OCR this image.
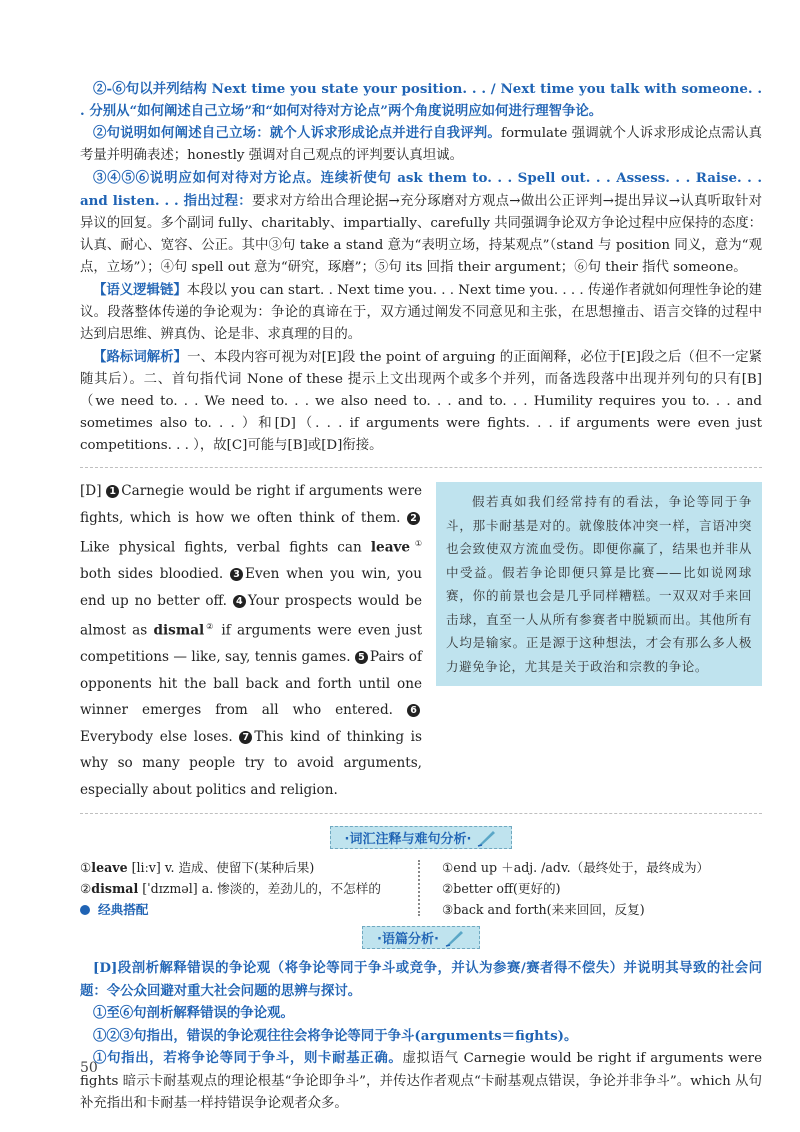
②-⑥句以并列结构 Next time you state your position. . . / Next time you talk with someone. . . 分别从“如何阐述自己立场”和“如何对待对方论点”两个角度说明应如何进行理智争论。

②句说明如何阐述自己立场：就个人诉求形成论点并进行自我评判。formulate 强调就个人诉求形成论点需认真考量并明确表述；honestly 强调对自己观点的评判要认真坦诚。

③④⑤⑥说明应如何对待对方论点。连续祈使句 ask them to. . . Spell out. . . Assess. . . Raise. . . and listen. . . 指出过程：要求对方给出合理论据→充分琢磨对方观点→做出公正评判→提出异议→认真听取针对异议的回复。多个副词 fully、charitably、impartially、carefully 共同强调争论双方争论过程中应保持的态度：认真、耐心、宽容、公正。其中③句 take a stand 意为“表明立场，持某观点”（stand 与 position 同义，意为“观点，立场”）；④句 spell out 意为“研究，琢磨”；⑤句 its 回指 their argument；⑥句 their 指代 someone。

【语义逻辑链】本段以 you can start. . Next time you. . . Next time you. . . . 传递作者就如何理性争论的建议。段落整体传递的争论观为：争论的真谛在于，双方通过阐发不同意见和主张，在思想撞击、语言交锋的过程中达到启思维、辨真伪、论是非、求真理的目的。

【路标词解析】一、本段内容可视为对[E]段 the point of arguing 的正面阐释，必位于[E]段之后（但不一定紧随其后）。二、首句指代词 None of these 提示上文出现两个或多个并列，而备选段落中出现并列句的只有[B]（we need to. . . We need to. . . we also need to. . . and to. . . Humility requires you to. . . and sometimes also to. . . ）和[D]（. . . if arguments were fights. . . if arguments were even just competitions. . . ），故[C]可能与[B]或[D]衔接。

[D] 1 Carnegie would be right if arguments were fights, which is how we often think of them. 2Like physical fights, verbal fights can leave① both sides bloodied. 3 Even when you win, you end up no better off. 4 Your prospects would be almost as dismal② if arguments were even just competitions — like, say, tennis games. 5 Pairs of opponents hit the ball back and forth until one winner emerges from all who entered. 6Everybody else loses. 7 This kind of thinking is why so many people try to avoid arguments, especially about politics and religion.

假若真如我们经常持有的看法，争论等同于争斗，那卡耐基是对的。就像肢体冲突一样，言语冲突也会致使双方流血受伤。即便你赢了，结果也并非从中受益。假若争论即便只算是比赛——比如说网球赛，你的前景也会是几乎同样糟糕。一双双对手来回击球，直至一人从所有参赛者中脱颖而出。其他所有人均是输家。正是源于这种想法，才会有那么多人极力避免争论，尤其是关于政治和宗教的争论。

·词汇注释与难句分析·

①leave [liːv] v. 造成、使留下(某种后果)

②dismal [ˈdɪzməl] a. 惨淡的，差劲儿的，不怎样的

经典搭配

①end up ＋adj. /adv.（最终处于，最终成为）

②better off(更好的)

③back and forth(来来回回，反复)

·语篇分析·

[D]段剖析解释错误的争论观（将争论等同于争斗或竞争，并认为参赛/赛者得不偿失）并说明其导致的社会问题：令公众回避对重大社会问题的思辨与探讨。

①至⑥句剖析解释错误的争论观。

①②③句指出，错误的争论观往往会将争论等同于争斗(arguments＝fights)。

①句指出，若将争论等同于争斗，则卡耐基正确。虚拟语气 Carnegie would be right if arguments were fights 暗示卡耐基观点的理论根基“争论即争斗”，并传达作者观点“卡耐基观点错误，争论并非争斗”。which 从句补充指出和卡耐基一样持错误争论观者众多。

50
